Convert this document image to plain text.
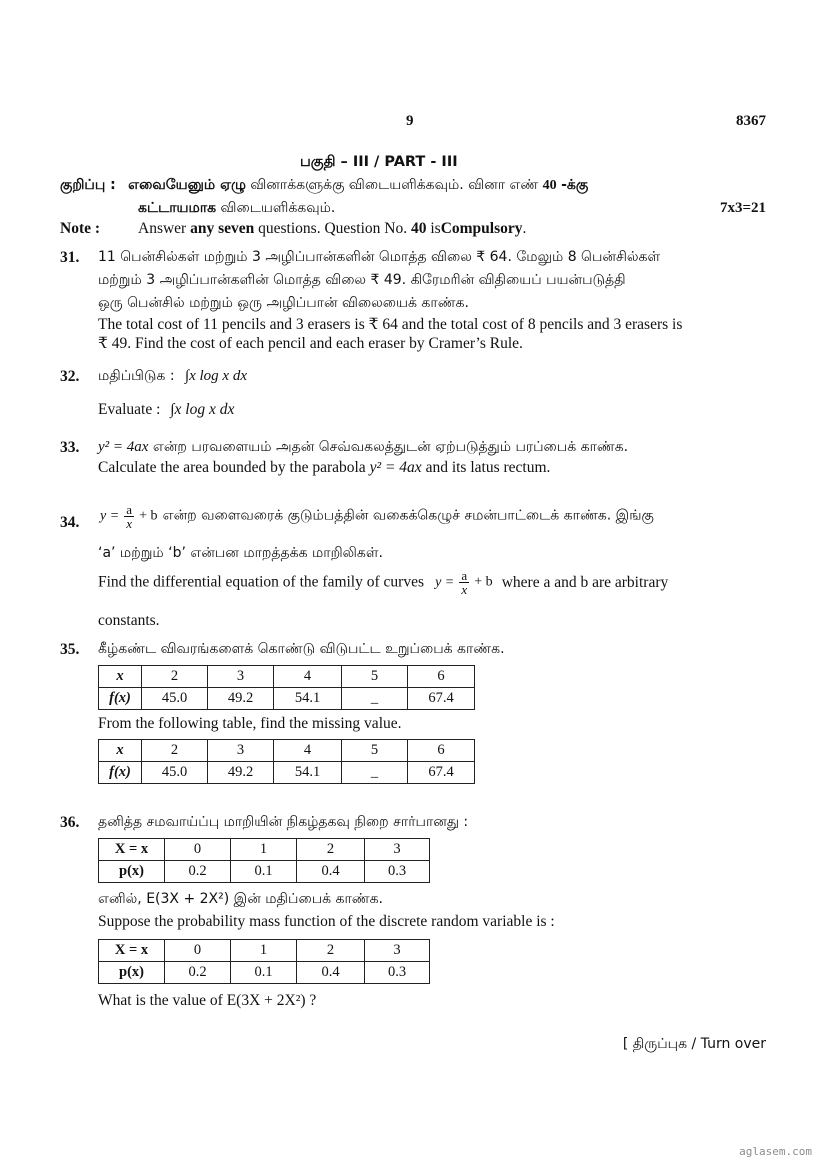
9	8367
பகுதி – III / PART - III
குறிப்பு : எவையேனும் ஏழு வினாக்களுக்கு விடையளிக்கவும். வினா எண் 40 -க்கு
கட்டாயமாக விடையளிக்கவும்.	7x3=21
Note : Answer any seven questions. Question No. 40 isCompulsory.
31. 11 பென்சில்கள் மற்றும் 3 அழிப்பான்களின் மொத்த விலை ₹ 64. மேலும் 8 பென்சில்கள்
மற்றும் 3 அழிப்பான்களின் மொத்த விலை ₹ 49. கிரேமரின் விதியைப் பயன்படுத்தி
ஒரு பென்சில் மற்றும் ஒரு அழிப்பான் விலையைக் காண்க.
The total cost of 11 pencils and 3 erasers is ₹ 64 and the total cost of 8 pencils and 3 erasers is
₹ 49. Find the cost of each pencil and each eraser by Cramer’s Rule.
32. மதிப்பிடுக : ∫x log x dx
Evaluate : ∫x log x dx
33. y² = 4ax என்ற பரவளையம் அதன் செவ்வகலத்துடன் ஏற்படுத்தும் பரப்பைக் காண்க.
Calculate the area bounded by the parabola y² = 4ax and its latus rectum.
34. $y = \frac{a}{x} + b$ என்ற வளைவரைக் குடும்பத்தின் வகைக்கெழுச் சமன்பாட்டைக் காண்க. இங்கு
‘a’ மற்றும் ‘b’ என்பன மாறத்தக்க மாறிலிகள்.
Find the differential equation of the family of curves $y = \frac{a}{x} + b$ where a and b are arbitrary
constants.
35. கீழ்கண்ட விவரங்களைக் கொண்டு விடுபட்ட உறுப்பைக் காண்க.
x	2	3	4	5	6
f(x)	45.0	49.2	54.1	_	67.4
From the following table, find the missing value.
x	2	3	4	5	6
f(x)	45.0	49.2	54.1	_	67.4
36. தனித்த சமவாய்ப்பு மாறியின் நிகழ்தகவு நிறை சார்பானது :
X = x	0	1	2	3
p(x)	0.2	0.1	0.4	0.3
எனில், E(3X + 2X²) இன் மதிப்பைக் காண்க.
Suppose the probability mass function of the discrete random variable is :
X = x	0	1	2	3
p(x)	0.2	0.1	0.4	0.3
What is the value of E(3X + 2X²) ?
[ திருப்புக / Turn over
aglasem.com
